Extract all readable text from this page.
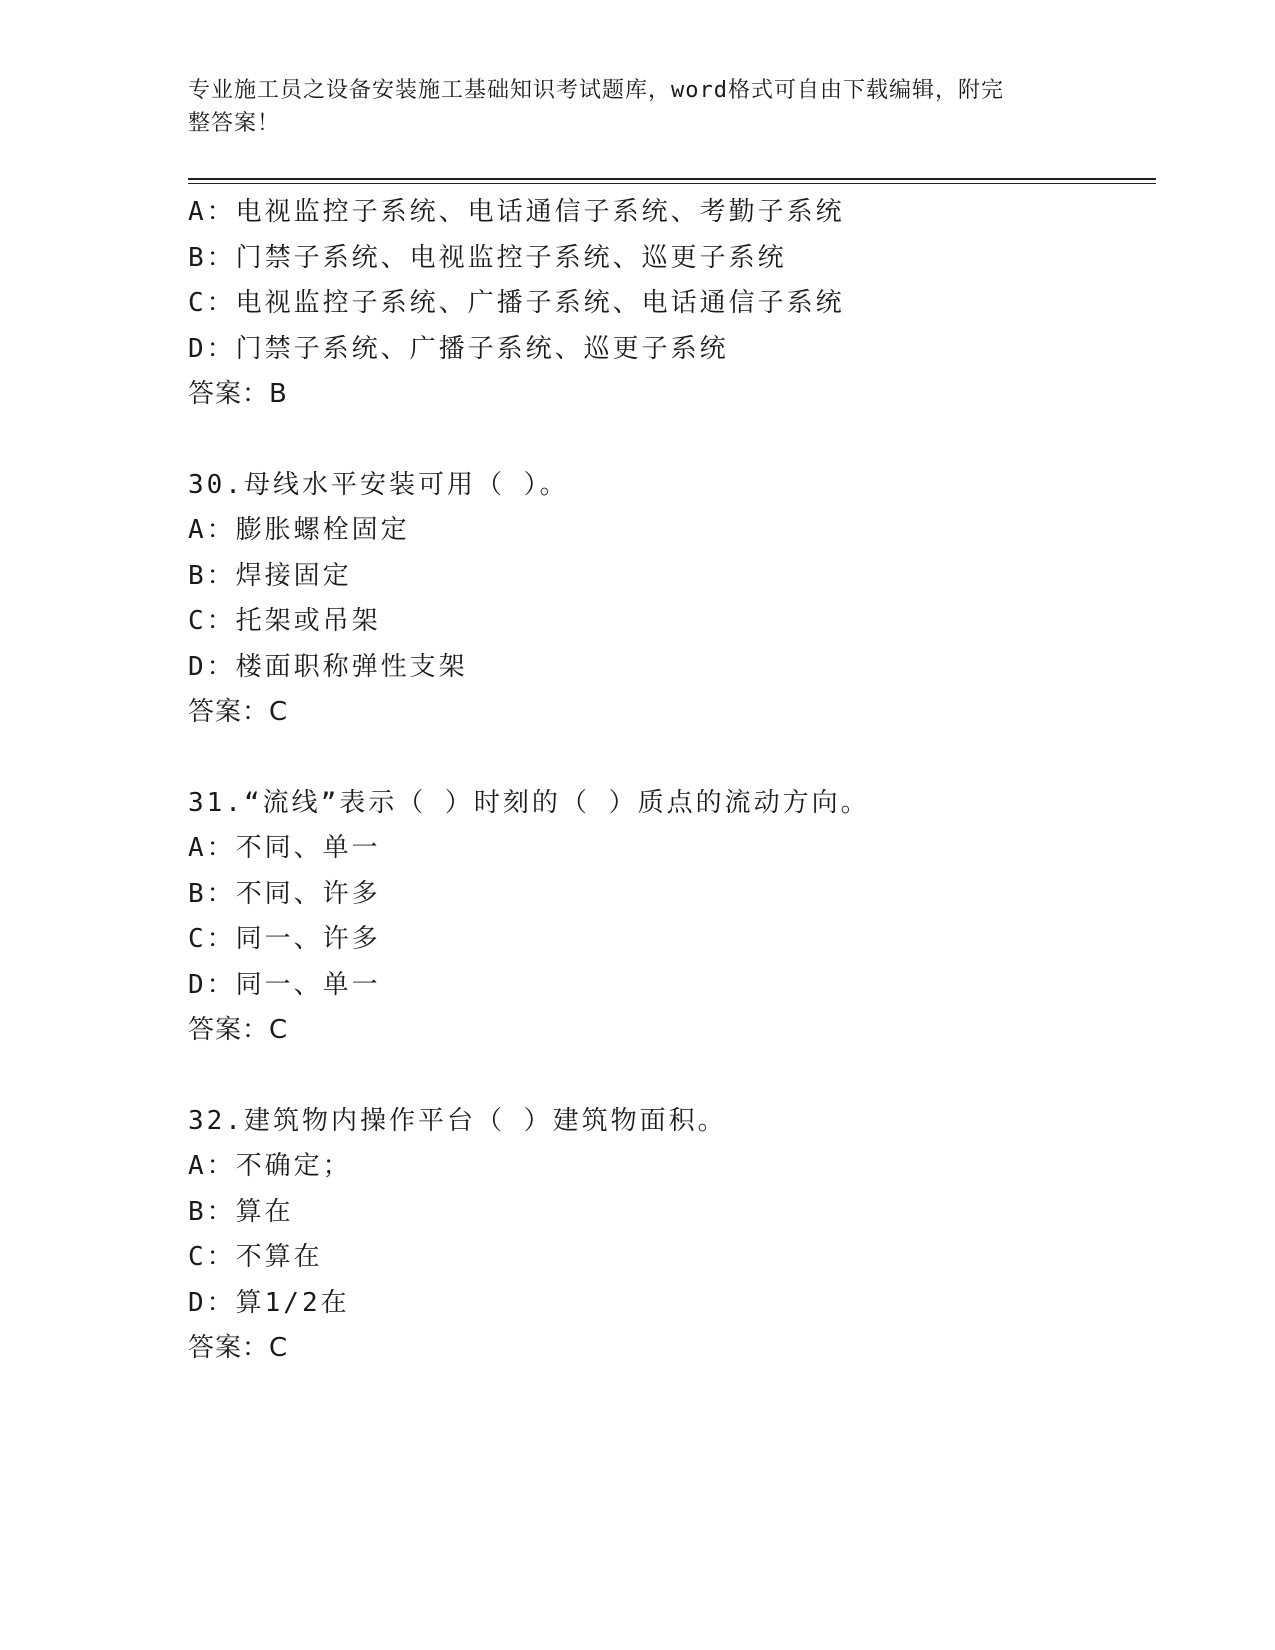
专业施工员之设备安装施工基础知识考试题库，word格式可自由下载编辑，附完
整答案！
A：电视监控子系统、电话通信子系统、考勤子系统
B：门禁子系统、电视监控子系统、巡更子系统
C：电视监控子系统、广播子系统、电话通信子系统
D：门禁子系统、广播子系统、巡更子系统
答案：B
30.母线水平安装可用（ ）。
A：膨胀螺栓固定
B：焊接固定
C：托架或吊架
D：楼面职称弹性支架
答案：C
31.“流线”表示（ ）时刻的（ ）质点的流动方向。
A：不同、单一
B：不同、许多
C：同一、许多
D：同一、单一
答案：C
32.建筑物内操作平台（ ）建筑物面积。
A：不确定；
B：算在
C：不算在
D：算1/2在
答案：C
